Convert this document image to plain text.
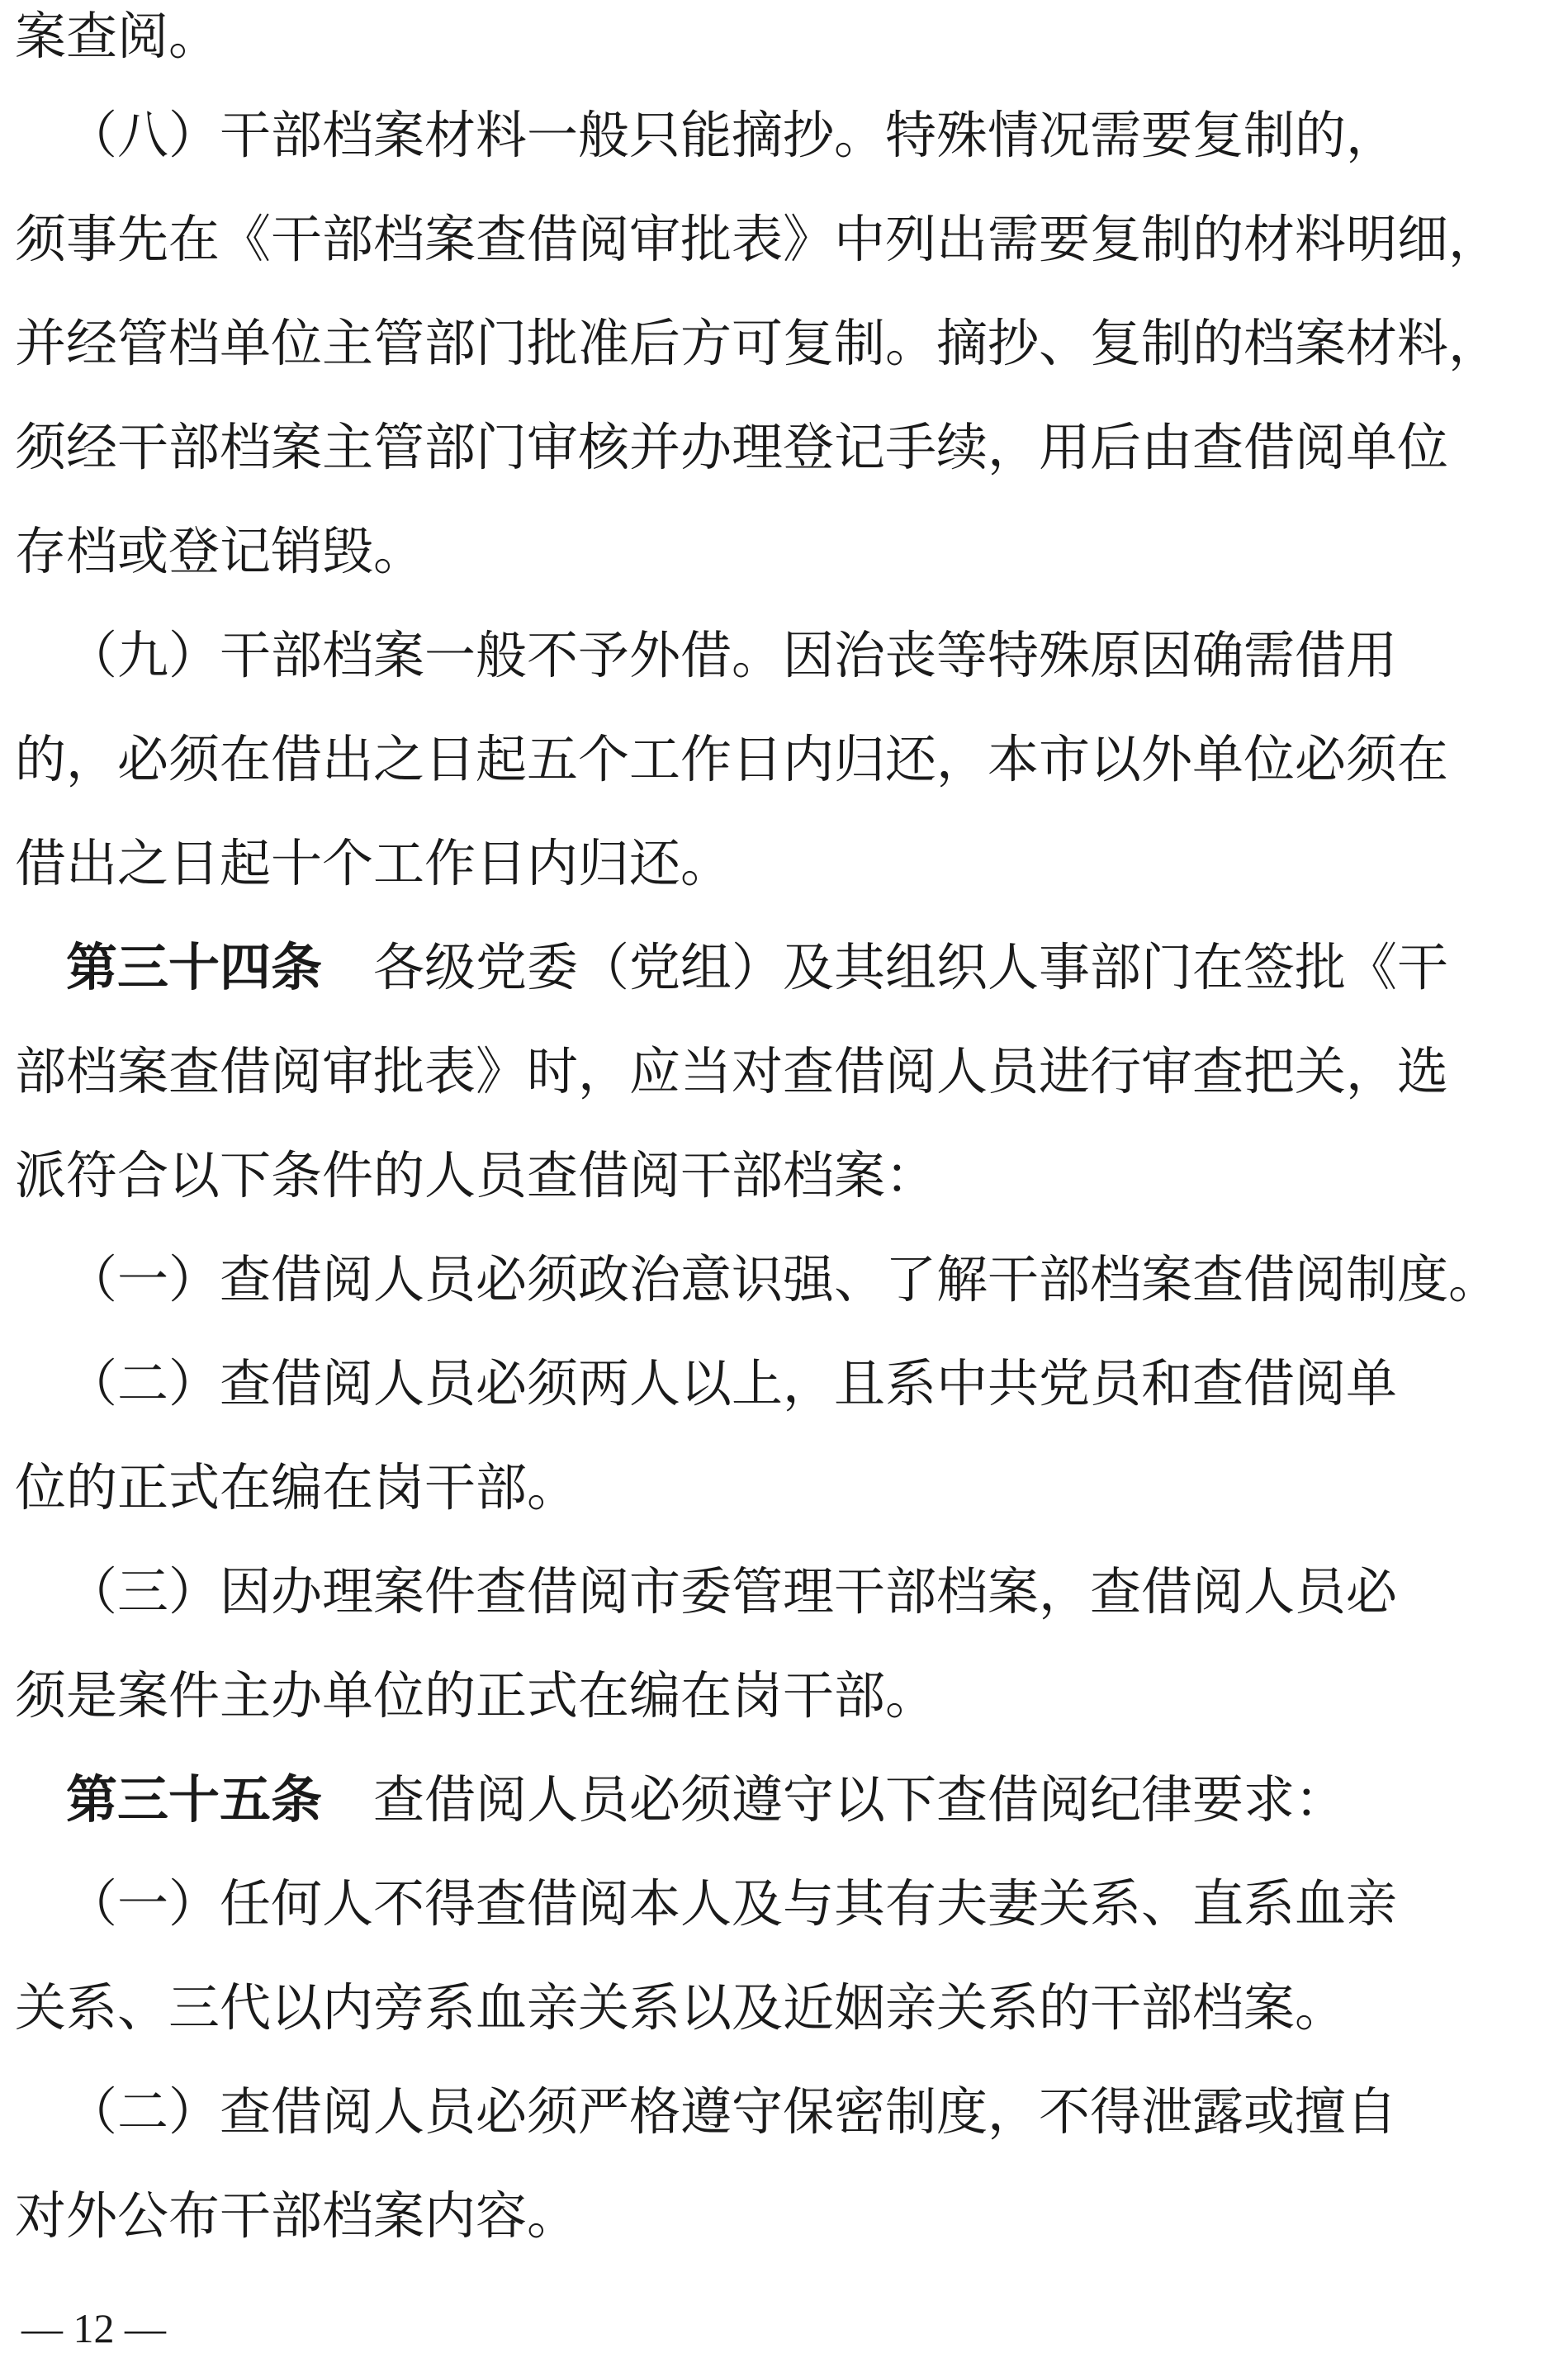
案查阅。
（八）干部档案材料一般只能摘抄。特殊情况需要复制的，
须事先在《干部档案查借阅审批表》中列出需要复制的材料明细，
并经管档单位主管部门批准后方可复制。摘抄、复制的档案材料，
须经干部档案主管部门审核并办理登记手续，用后由查借阅单位
存档或登记销毁。
（九）干部档案一般不予外借。因治丧等特殊原因确需借用
的，必须在借出之日起五个工作日内归还，本市以外单位必须在
借出之日起十个工作日内归还。
第三十四条 各级党委（党组）及其组织人事部门在签批《干
部档案查借阅审批表》时，应当对查借阅人员进行审查把关，选
派符合以下条件的人员查借阅干部档案：
（一）查借阅人员必须政治意识强、了解干部档案查借阅制度。
（二）查借阅人员必须两人以上，且系中共党员和查借阅单
位的正式在编在岗干部。
（三）因办理案件查借阅市委管理干部档案，查借阅人员必
须是案件主办单位的正式在编在岗干部。
第三十五条 查借阅人员必须遵守以下查借阅纪律要求：
（一）任何人不得查借阅本人及与其有夫妻关系、直系血亲
关系、三代以内旁系血亲关系以及近姻亲关系的干部档案。
（二）查借阅人员必须严格遵守保密制度，不得泄露或擅自
对外公布干部档案内容。
— 12 —
